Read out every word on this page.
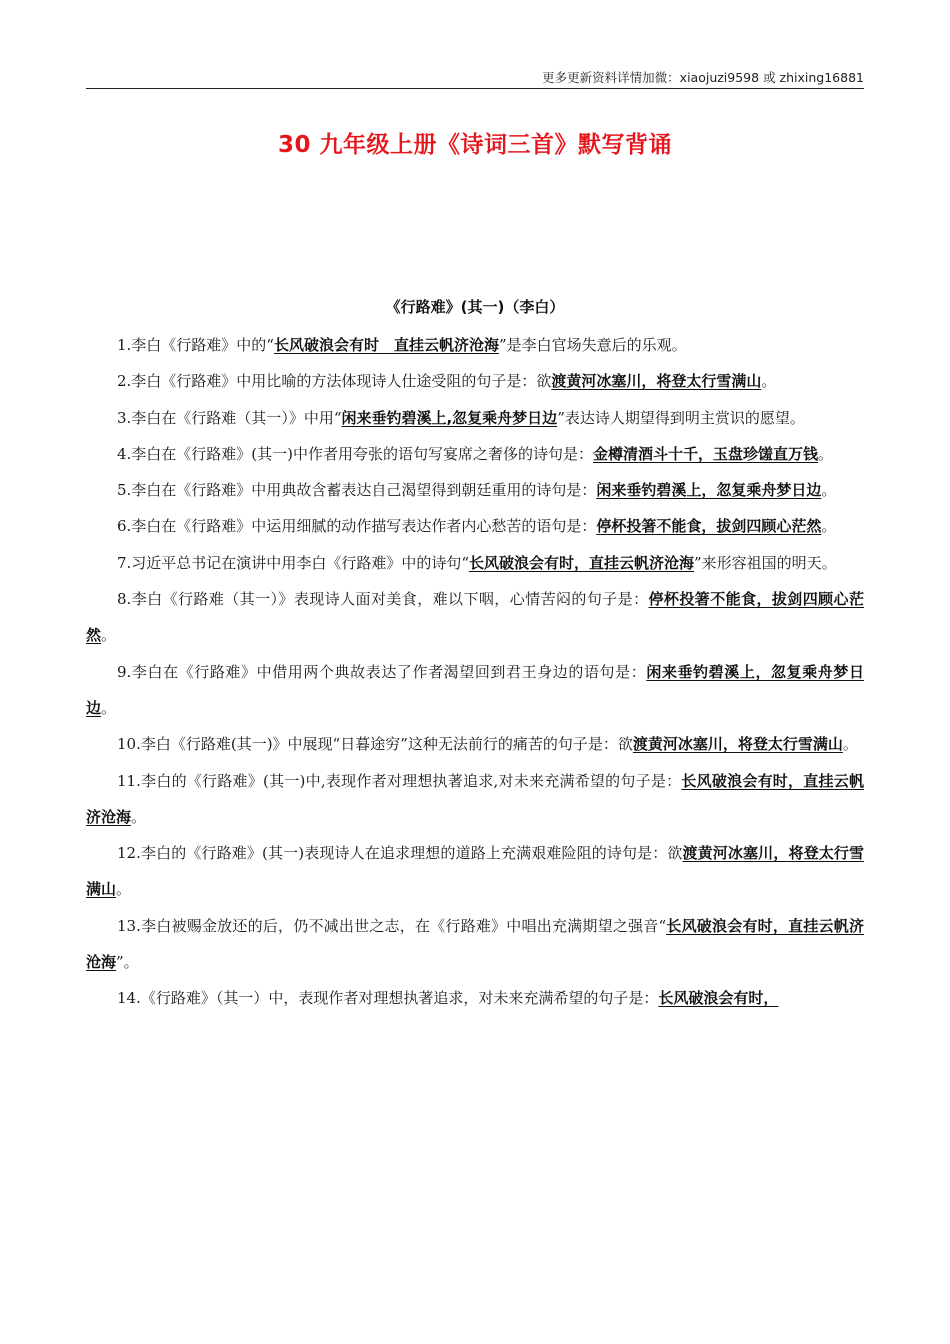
更多更新资料详情加微：xiaojuzi9598 或 zhixing16881
30 九年级上册《诗词三首》默写背诵
《行路难》(其一)（李白）

1.李白《行路难》中的“长风破浪会有时　直挂云帆济沧海”是李白官场失意后的乐观。

2.李白《行路难》中用比喻的方法体现诗人仕途受阻的句子是：欲渡黄河冰塞川，将登太行雪满山。

3.李白在《行路难（其一）》中用“闲来垂钓碧溪上,忽复乘舟梦日边”表达诗人期望得到明主赏识的愿望。

4.李白在《行路难》(其一)中作者用夸张的语句写宴席之奢侈的诗句是：金樽清酒斗十千，玉盘珍馐直万钱。

5.李白在《行路难》中用典故含蓄表达自己渴望得到朝廷重用的诗句是：闲来垂钓碧溪上，忽复乘舟梦日边。

6.李白在《行路难》中运用细腻的动作描写表达作者内心愁苦的语句是：停杯投箸不能食，拔剑四顾心茫然。

7.习近平总书记在演讲中用李白《行路难》中的诗句“长风破浪会有时，直挂云帆济沧海”来形容祖国的明天。

8.李白《行路难（其一）》表现诗人面对美食，难以下咽，心情苦闷的句子是：停杯投箸不能食，拔剑四顾心茫然。

9.李白在《行路难》中借用两个典故表达了作者渴望回到君王身边的语句是：闲来垂钓碧溪上，忽复乘舟梦日边。

10.李白《行路难(其一)》中展现“日暮途穷”这种无法前行的痛苦的句子是：欲渡黄河冰塞川，将登太行雪满山。

11.李白的《行路难》(其一)中,表现作者对理想执著追求,对未来充满希望的句子是：长风破浪会有时，直挂云帆济沧海。

12.李白的《行路难》(其一)表现诗人在追求理想的道路上充满艰难险阻的诗句是：欲渡黄河冰塞川，将登太行雪满山。

13.李白被赐金放还的后，仍不减出世之志，在《行路难》中唱出充满期望之强音“长风破浪会有时，直挂云帆济沧海”。

14.《行路难》（其一）中，表现作者对理想执著追求，对未来充满希望的句子是：长风破浪会有时，
